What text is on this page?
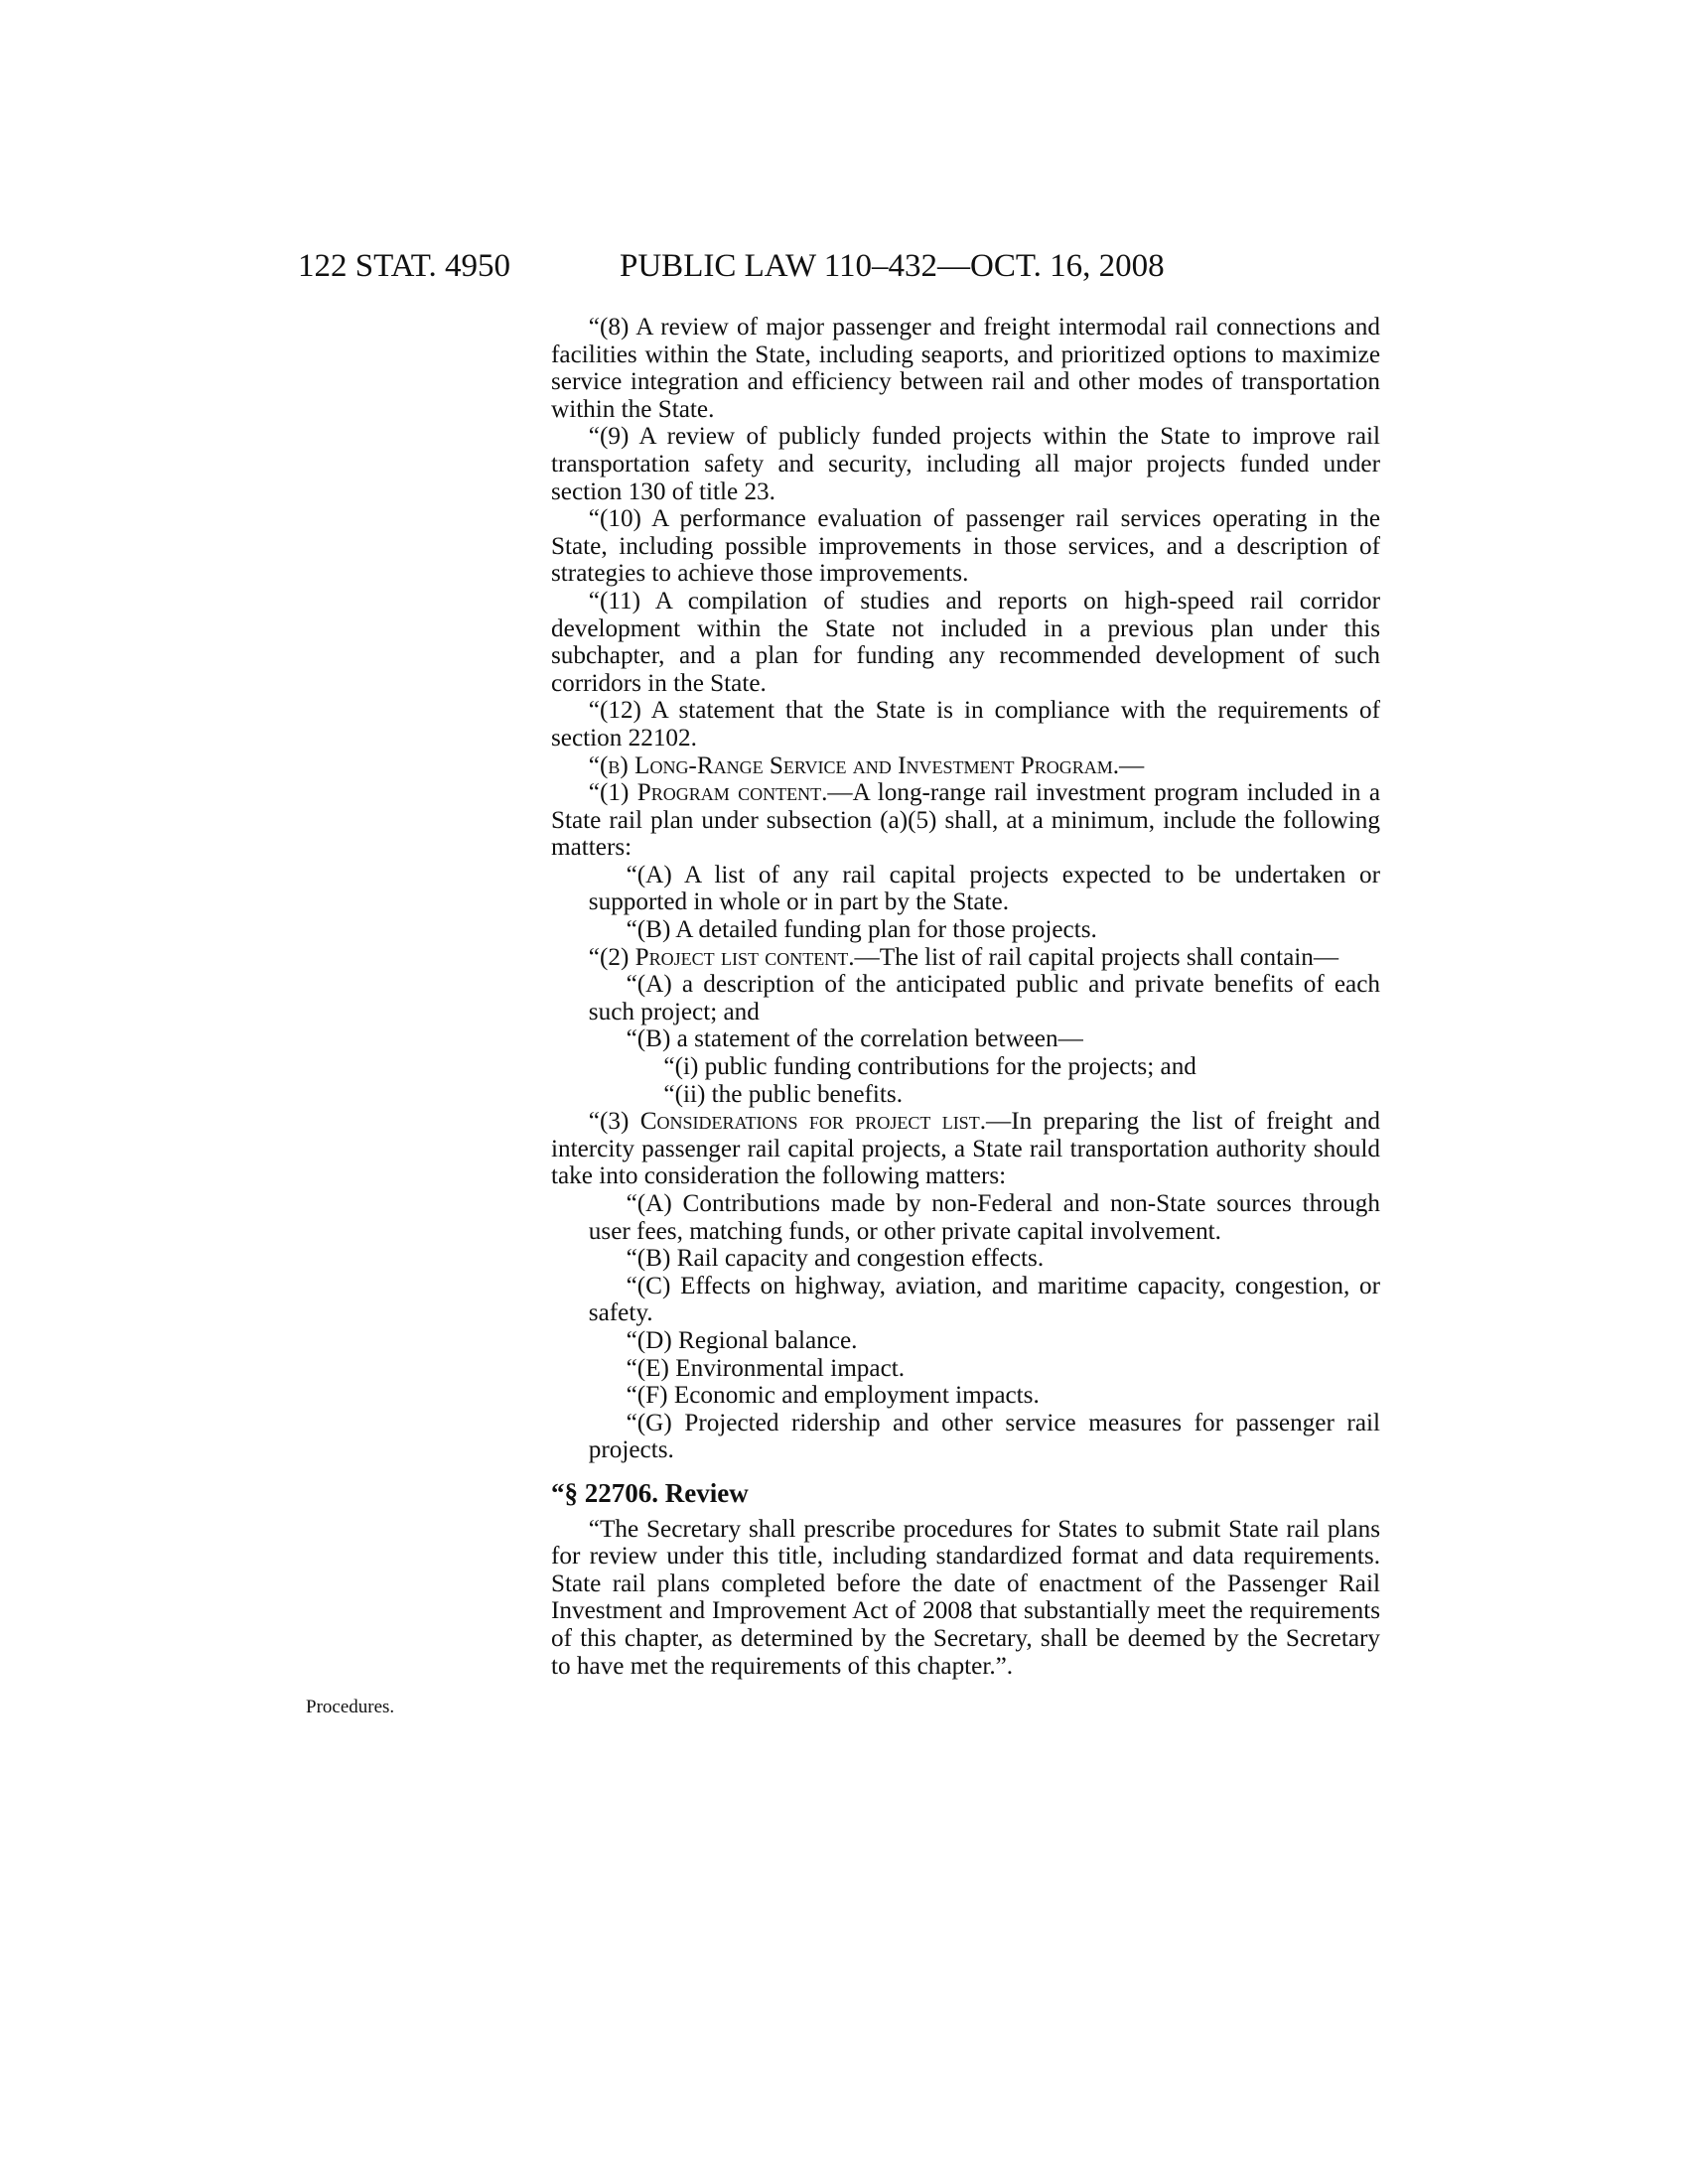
122 STAT. 4950	PUBLIC LAW 110–432—OCT. 16, 2008

“(8) A review of major passenger and freight intermodal rail connections and facilities within the State, including seaports, and prioritized options to maximize service integration and efficiency between rail and other modes of transportation within the State.

“(9) A review of publicly funded projects within the State to improve rail transportation safety and security, including all major projects funded under section 130 of title 23.

“(10) A performance evaluation of passenger rail services operating in the State, including possible improvements in those services, and a description of strategies to achieve those improvements.

“(11) A compilation of studies and reports on high-speed rail corridor development within the State not included in a previous plan under this subchapter, and a plan for funding any recommended development of such corridors in the State.

“(12) A statement that the State is in compliance with the requirements of section 22102.

“(b) Long-Range Service and Investment Program.—

“(1) Program content.—A long-range rail investment program included in a State rail plan under subsection (a)(5) shall, at a minimum, include the following matters:

“(A) A list of any rail capital projects expected to be undertaken or supported in whole or in part by the State.

“(B) A detailed funding plan for those projects.

“(2) Project list content.—The list of rail capital projects shall contain—

“(A) a description of the anticipated public and private benefits of each such project; and

“(B) a statement of the correlation between—

“(i) public funding contributions for the projects; and

“(ii) the public benefits.

“(3) Considerations for project list.—In preparing the list of freight and intercity passenger rail capital projects, a State rail transportation authority should take into consideration the following matters:

“(A) Contributions made by non-Federal and non-State sources through user fees, matching funds, or other private capital involvement.

“(B) Rail capacity and congestion effects.

“(C) Effects on highway, aviation, and maritime capacity, congestion, or safety.

“(D) Regional balance.

“(E) Environmental impact.

“(F) Economic and employment impacts.

“(G) Projected ridership and other service measures for passenger rail projects.

“§ 22706. Review

“The Secretary shall prescribe procedures for States to submit State rail plans for review under this title, including standardized format and data requirements. State rail plans completed before the date of enactment of the Passenger Rail Investment and Improvement Act of 2008 that substantially meet the requirements of this chapter, as determined by the Secretary, shall be deemed by the Secretary to have met the requirements of this chapter.”.

Procedures.
